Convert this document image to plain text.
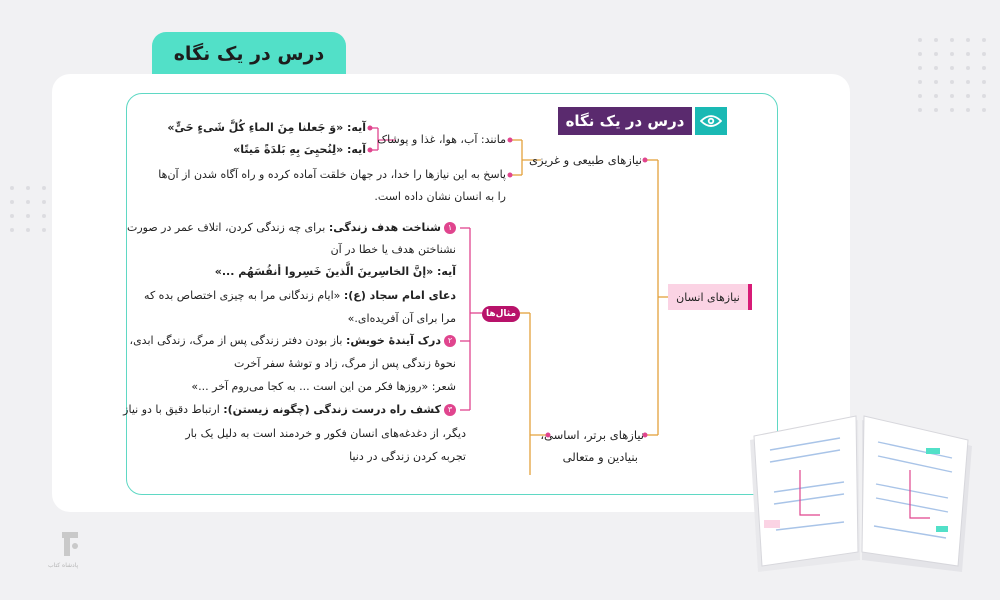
درس در یک نگاه
درس در یک نگاه
نیازهای انسان
نیازهای طبیعی و غریزی
مانند: آب، هوا، غذا و پوشاک
آیه: «وَ جَعلنا مِنَ الماءِ کُلَّ شَیءٍ حَیٍّ»
آیه: «لِنُحیِیَ بِهِ بَلدَةً مَیتًا»
پاسخ به این نیازها را خدا، در جهان خلقت آماده کرده و راه آگاه شدن از آن‌ها
را به انسان نشان داده است.
نیازهای برتر، اساسی،
بنیادین و متعالی
مثال‌ها
۱شناخت هدف زندگی: برای چه زندگی کردن، اتلاف عمر در صورت
نشناختن هدف یا خطا در آن
آیه: «إنَّ الخاسِرینَ الَّذینَ خَسِروا أنفُسَهُم ...»
دعای امام سجاد (ع): «ایام زندگانی مرا به چیزی اختصاص بده که
مرا برای آن آفریده‌ای.»
۲درک آیندهٔ خویش: باز بودن دفتر زندگی پس از مرگ، زندگی ابدی،
نحوهٔ زندگی پس از مرگ، زاد و توشهٔ سفر آخرت
شعر: «روزها فکر من این است ... به کجا می‌روم آخر ...»
۳کشف راه درست زندگی (چگونه زیستن): ارتباط دقیق با دو نیاز
دیگر، از دغدغه‌های انسان فکور و خردمند است به دلیل یک بار
تجربه کردن زندگی در دنیا
پادشاه کتاب
